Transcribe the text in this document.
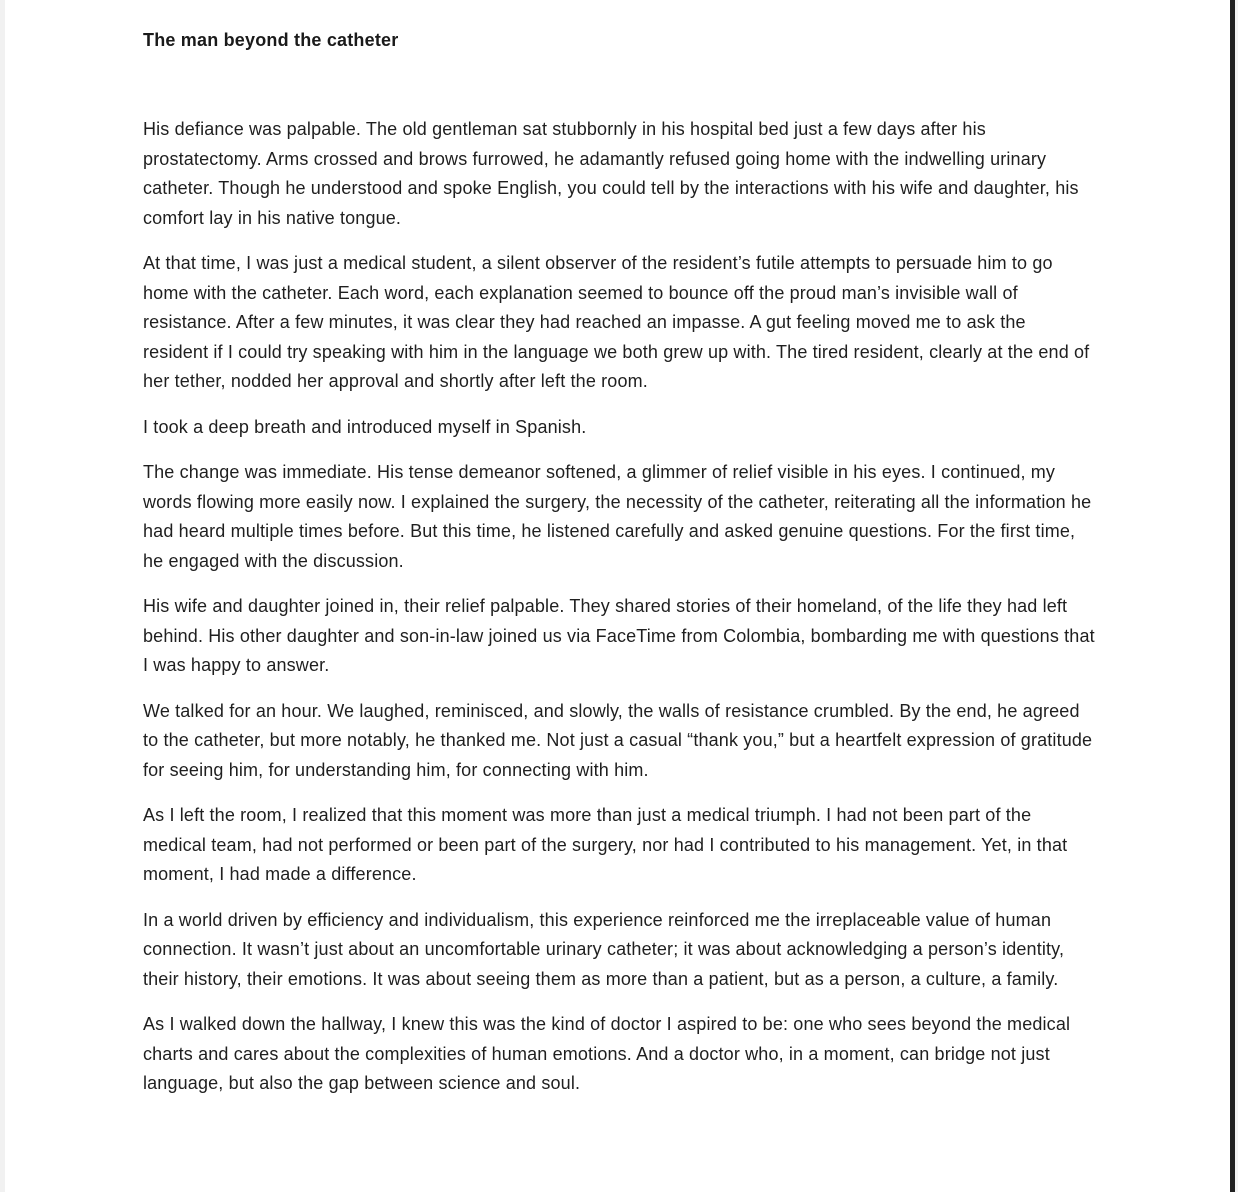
The man beyond the catheter

His defiance was palpable. The old gentleman sat stubbornly in his hospital bed just a few days after his prostatectomy. Arms crossed and brows furrowed, he adamantly refused going home with the indwelling urinary catheter. Though he understood and spoke English, you could tell by the interactions with his wife and daughter, his comfort lay in his native tongue.

At that time, I was just a medical student, a silent observer of the resident’s futile attempts to persuade him to go home with the catheter. Each word, each explanation seemed to bounce off the proud man’s invisible wall of resistance. After a few minutes, it was clear they had reached an impasse. A gut feeling moved me to ask the resident if I could try speaking with him in the language we both grew up with. The tired resident, clearly at the end of her tether, nodded her approval and shortly after left the room.

I took a deep breath and introduced myself in Spanish.

The change was immediate. His tense demeanor softened, a glimmer of relief visible in his eyes. I continued, my words flowing more easily now. I explained the surgery, the necessity of the catheter, reiterating all the information he had heard multiple times before. But this time, he listened carefully and asked genuine questions. For the first time, he engaged with the discussion.

His wife and daughter joined in, their relief palpable. They shared stories of their homeland, of the life they had left behind. His other daughter and son-in-law joined us via FaceTime from Colombia, bombarding me with questions that I was happy to answer.

We talked for an hour. We laughed, reminisced, and slowly, the walls of resistance crumbled. By the end, he agreed to the catheter, but more notably, he thanked me. Not just a casual “thank you,” but a heartfelt expression of gratitude for seeing him, for understanding him, for connecting with him.

As I left the room, I realized that this moment was more than just a medical triumph. I had not been part of the medical team, had not performed or been part of the surgery, nor had I contributed to his management. Yet, in that moment, I had made a difference.

In a world driven by efficiency and individualism, this experience reinforced me the irreplaceable value of human connection. It wasn’t just about an uncomfortable urinary catheter; it was about acknowledging a person’s identity, their history, their emotions. It was about seeing them as more than a patient, but as a person, a culture, a family.

As I walked down the hallway, I knew this was the kind of doctor I aspired to be: one who sees beyond the medical charts and cares about the complexities of human emotions. And a doctor who, in a moment, can bridge not just language, but also the gap between science and soul.
